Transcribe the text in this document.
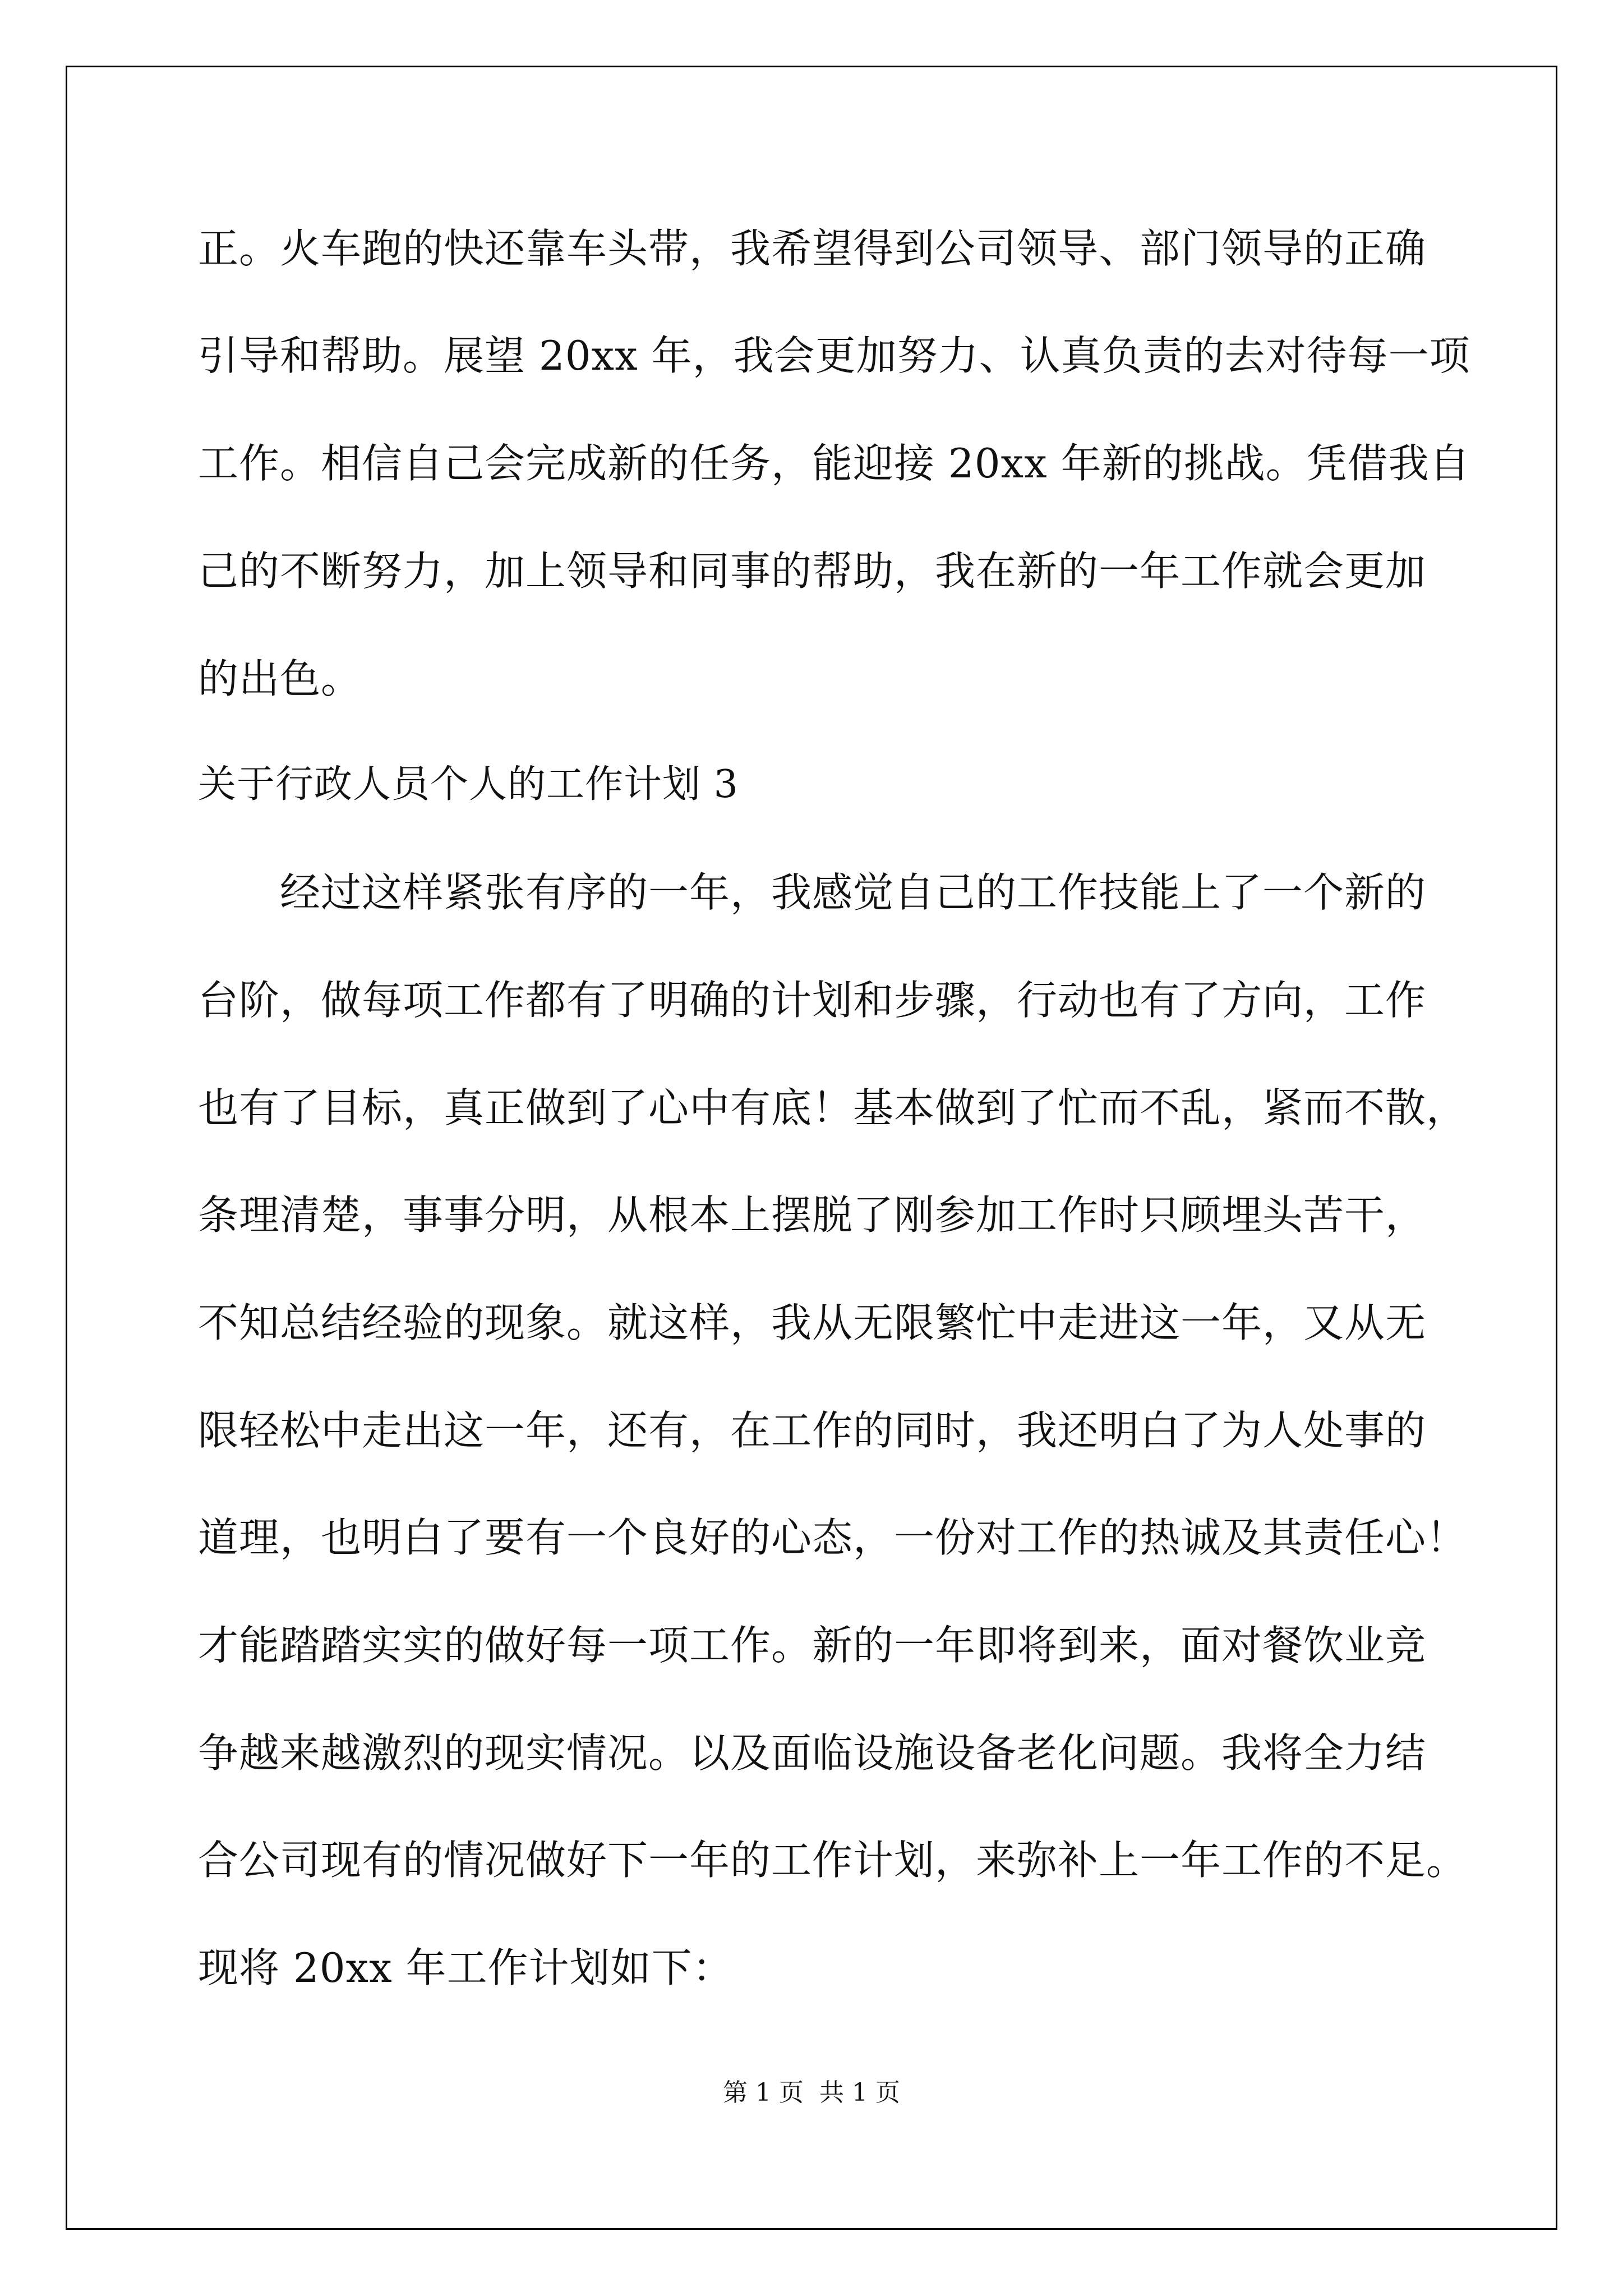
正。火车跑的快还靠车头带，我希望得到公司领导、部门领导的正确
引导和帮助。展望 20xx 年，我会更加努力、认真负责的去对待每一项
工作。相信自己会完成新的任务，能迎接 20xx 年新的挑战。凭借我自
己的不断努力，加上领导和同事的帮助，我在新的一年工作就会更加
的出色。
关于行政人员个人的工作计划 3
经过这样紧张有序的一年，我感觉自己的工作技能上了一个新的
台阶，做每项工作都有了明确的计划和步骤，行动也有了方向，工作
也有了目标，真正做到了心中有底！基本做到了忙而不乱，紧而不散，
条理清楚，事事分明，从根本上摆脱了刚参加工作时只顾埋头苦干，
不知总结经验的现象。就这样，我从无限繁忙中走进这一年，又从无
限轻松中走出这一年，还有，在工作的同时，我还明白了为人处事的
道理，也明白了要有一个良好的心态，一份对工作的热诚及其责任心！
才能踏踏实实的做好每一项工作。新的一年即将到来，面对餐饮业竞
争越来越激烈的现实情况。以及面临设施设备老化问题。我将全力结
合公司现有的情况做好下一年的工作计划，来弥补上一年工作的不足。
现将 20xx 年工作计划如下：
第 1 页 共 1 页
